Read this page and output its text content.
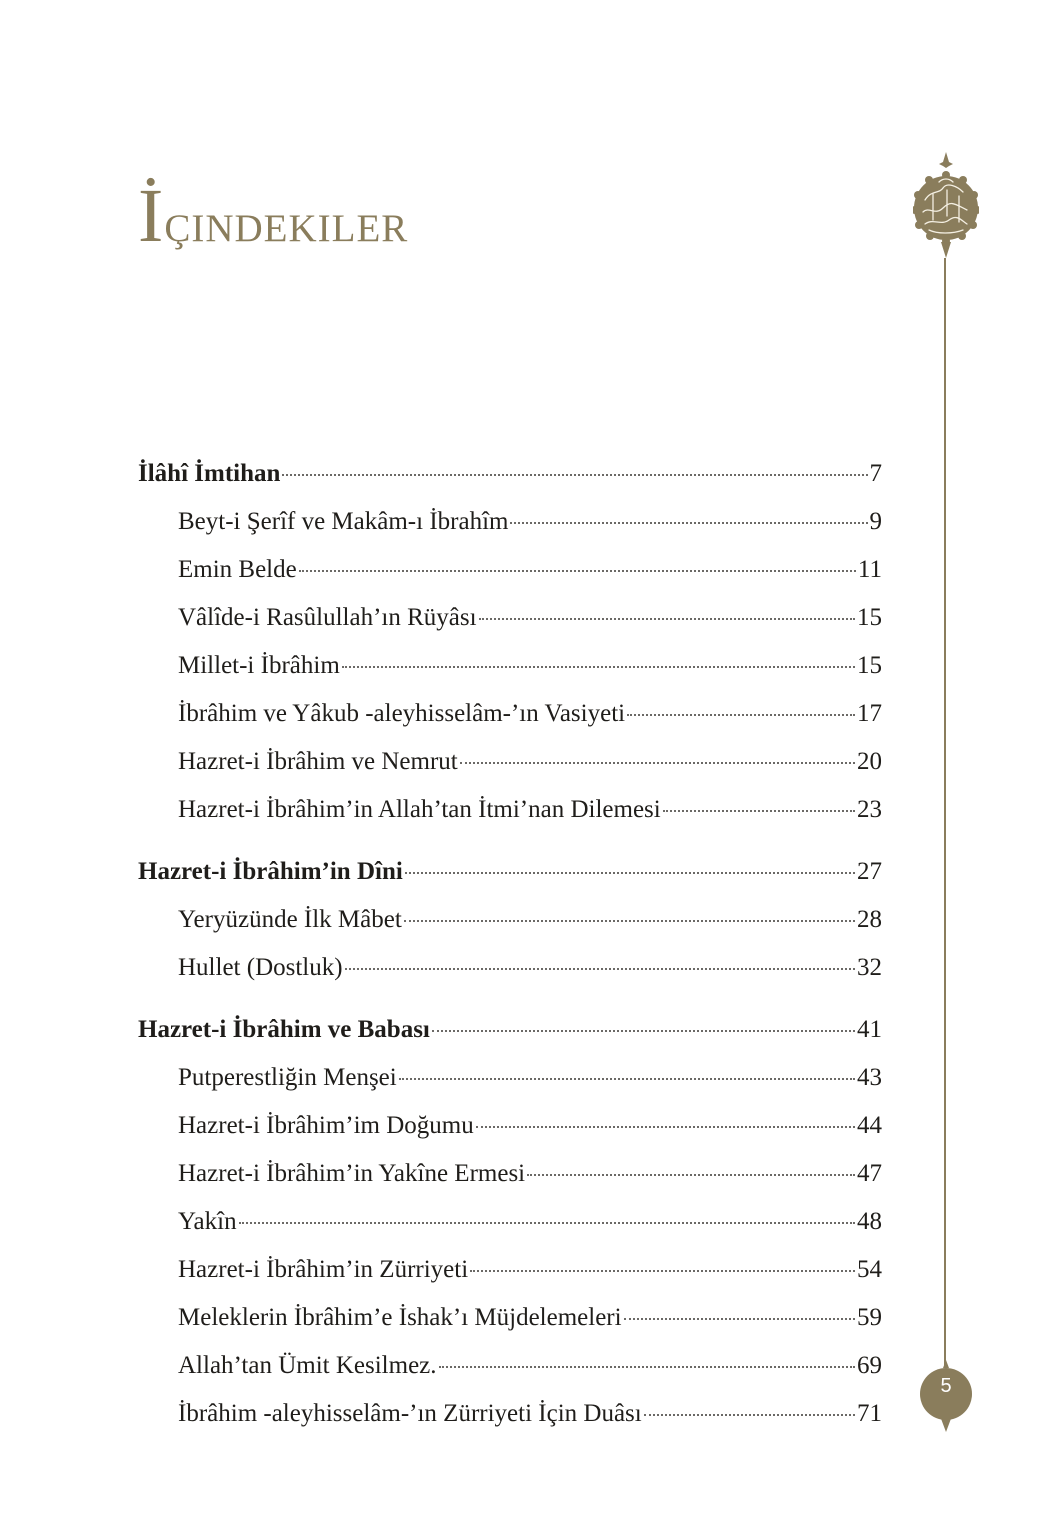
İçindekiler
5
İlâhî İmtihan	7
Beyt-i Şerîf ve Makâm-ı İbrahîm	9
Emin Belde	11
Vâlîde-i Rasûlullah’ın Rüyâsı	15
Millet-i İbrâhim	15
İbrâhim ve Yâkub -aleyhisselâm-’ın Vasiyeti	17
Hazret-i İbrâhim ve Nemrut	20
Hazret-i İbrâhim’in Allah’tan İtmi’nan Dilemesi	23
Hazret-i İbrâhim’in Dîni	27
Yeryüzünde İlk Mâbet	28
Hullet (Dostluk)	32
Hazret-i İbrâhim ve Babası	41
Putperestliğin Menşei	43
Hazret-i İbrâhim’im Doğumu	44
Hazret-i İbrâhim’in Yakîne Ermesi	47
Yakîn	48
Hazret-i İbrâhim’in Zürriyeti	54
Meleklerin İbrâhim’e İshak’ı Müjdelemeleri	59
Allah’tan Ümit Kesilmez.	69
İbrâhim -aleyhisselâm-’ın Zürriyeti İçin Duâsı	71
